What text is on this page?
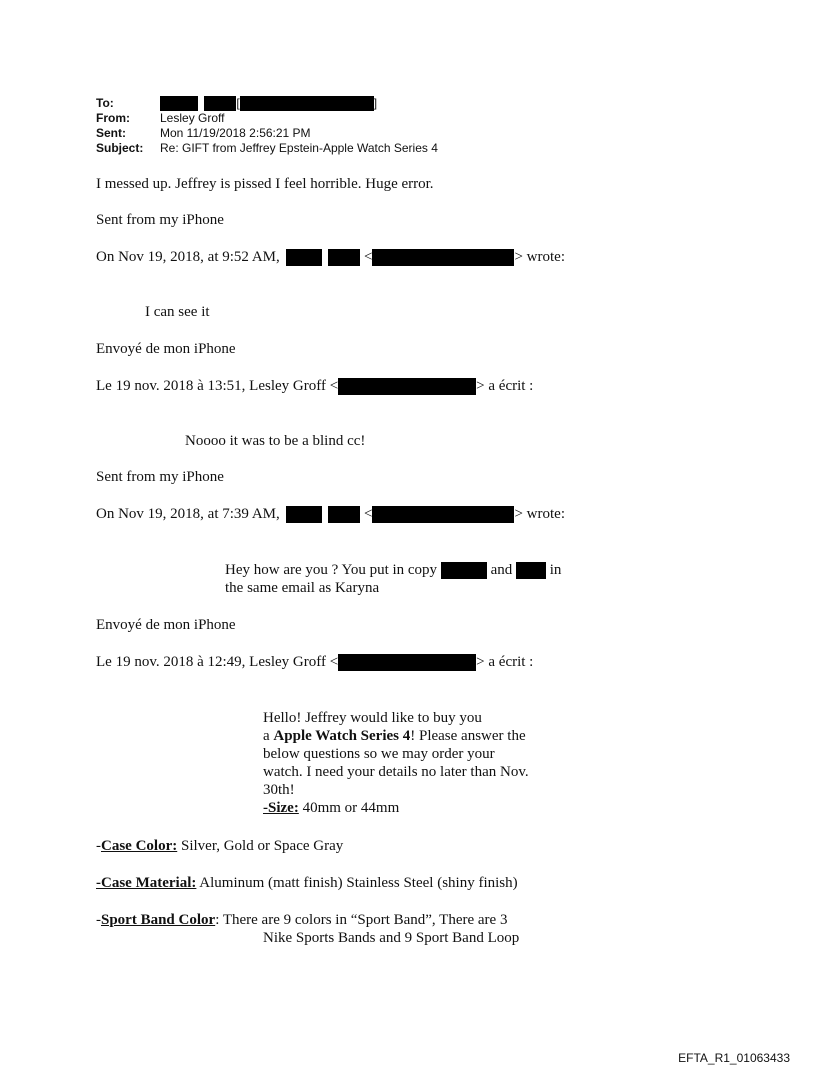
To:	[	]
From:	Lesley Groff
Sent:	Mon 11/19/2018 2:56:21 PM
Subject: Re: GIFT from Jeffrey Epstein-Apple Watch Series 4
I messed up. Jeffrey is pissed I feel horrible. Huge error.
Sent from my iPhone
On Nov 19, 2018, at 9:52 AM,	<	> wrote:
I can see it
Envoyé de mon iPhone
Le 19 nov. 2018 à 13:51, Lesley Groff <	> a écrit :
Noooo it was to be a blind cc!
Sent from my iPhone
On Nov 19, 2018, at 7:39 AM,	<	> wrote:
Hey how are you ? You put in copy	and	in
the same email as Karyna
Envoyé de mon iPhone
Le 19 nov. 2018 à 12:49, Lesley Groff <	> a écrit :
Hello! Jeffrey would like to buy you
a Apple Watch Series 4! Please answer the
below questions so we may order your
watch. I need your details no later than Nov.
30th!
-Size: 40mm or 44mm
-Case Color: Silver, Gold or Space Gray
-Case Material: Aluminum (matt finish) Stainless Steel (shiny finish)
-Sport Band Color: There are 9 colors in “Sport Band”, There are 3
Nike Sports Bands and 9 Sport Band Loop
EFTA_R1_01063433
